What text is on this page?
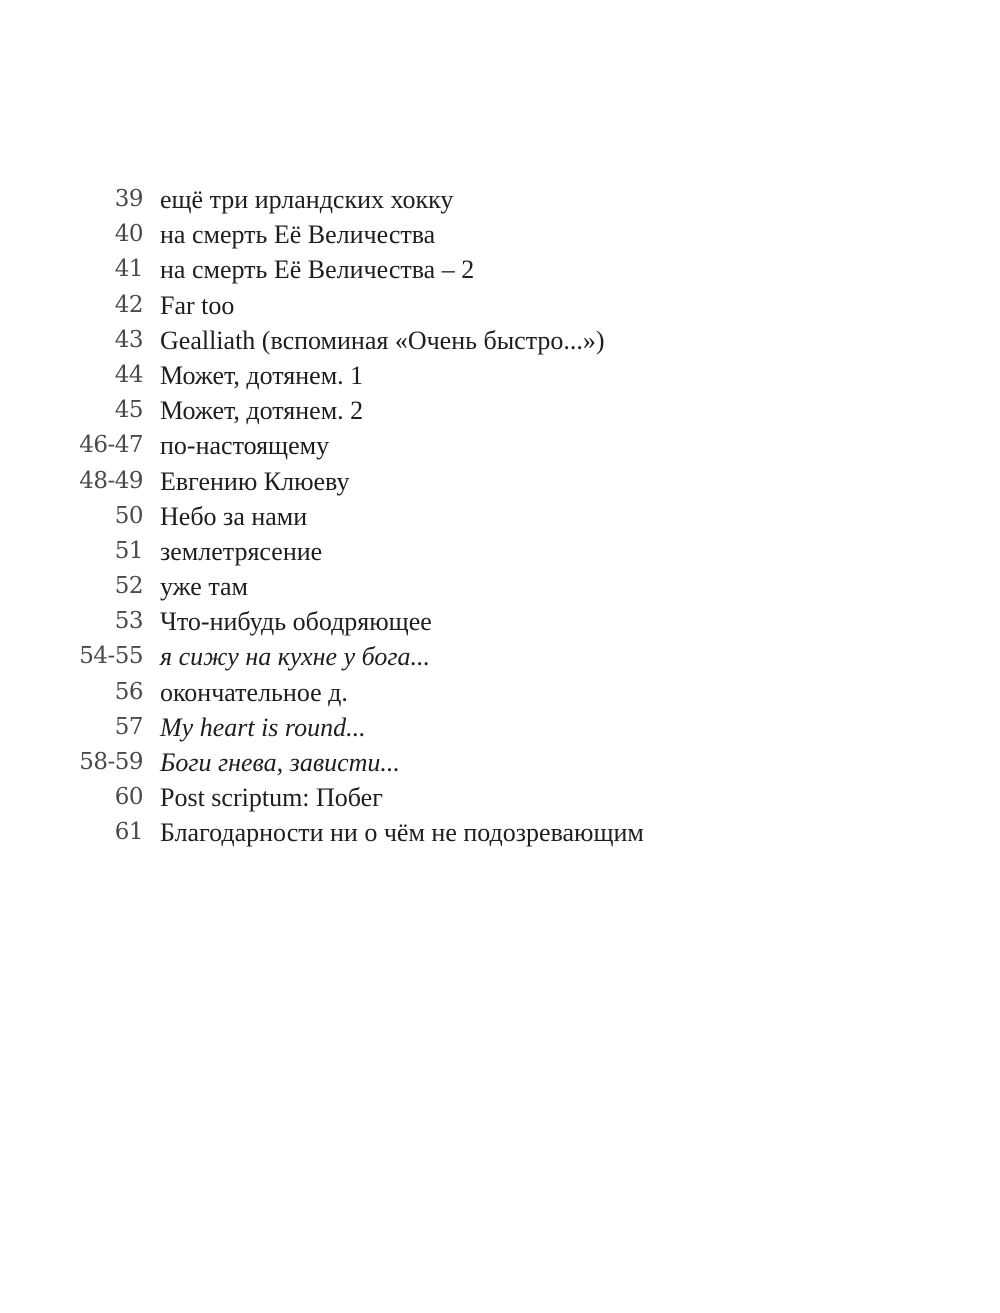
39 ещё три ирландских хокку
40 на смерть Её Величества
41 на смерть Её Величества – 2
42 Far too
43 Gealliath (вспоминая «Очень быстро...»)
44 Может, дотянем. 1
45 Может, дотянем. 2
46-47 по-настоящему
48-49 Евгению Клюеву
50 Небо за нами
51 землетрясение
52 уже там
53 Что-нибудь ободряющее
54-55 я сижу на кухне у бога...
56 окончательное д.
57 My heart is round...
58-59 Боги гнева, зависти...
60 Post scriptum: Побег
61 Благодарности ни о чём не подозревающим
